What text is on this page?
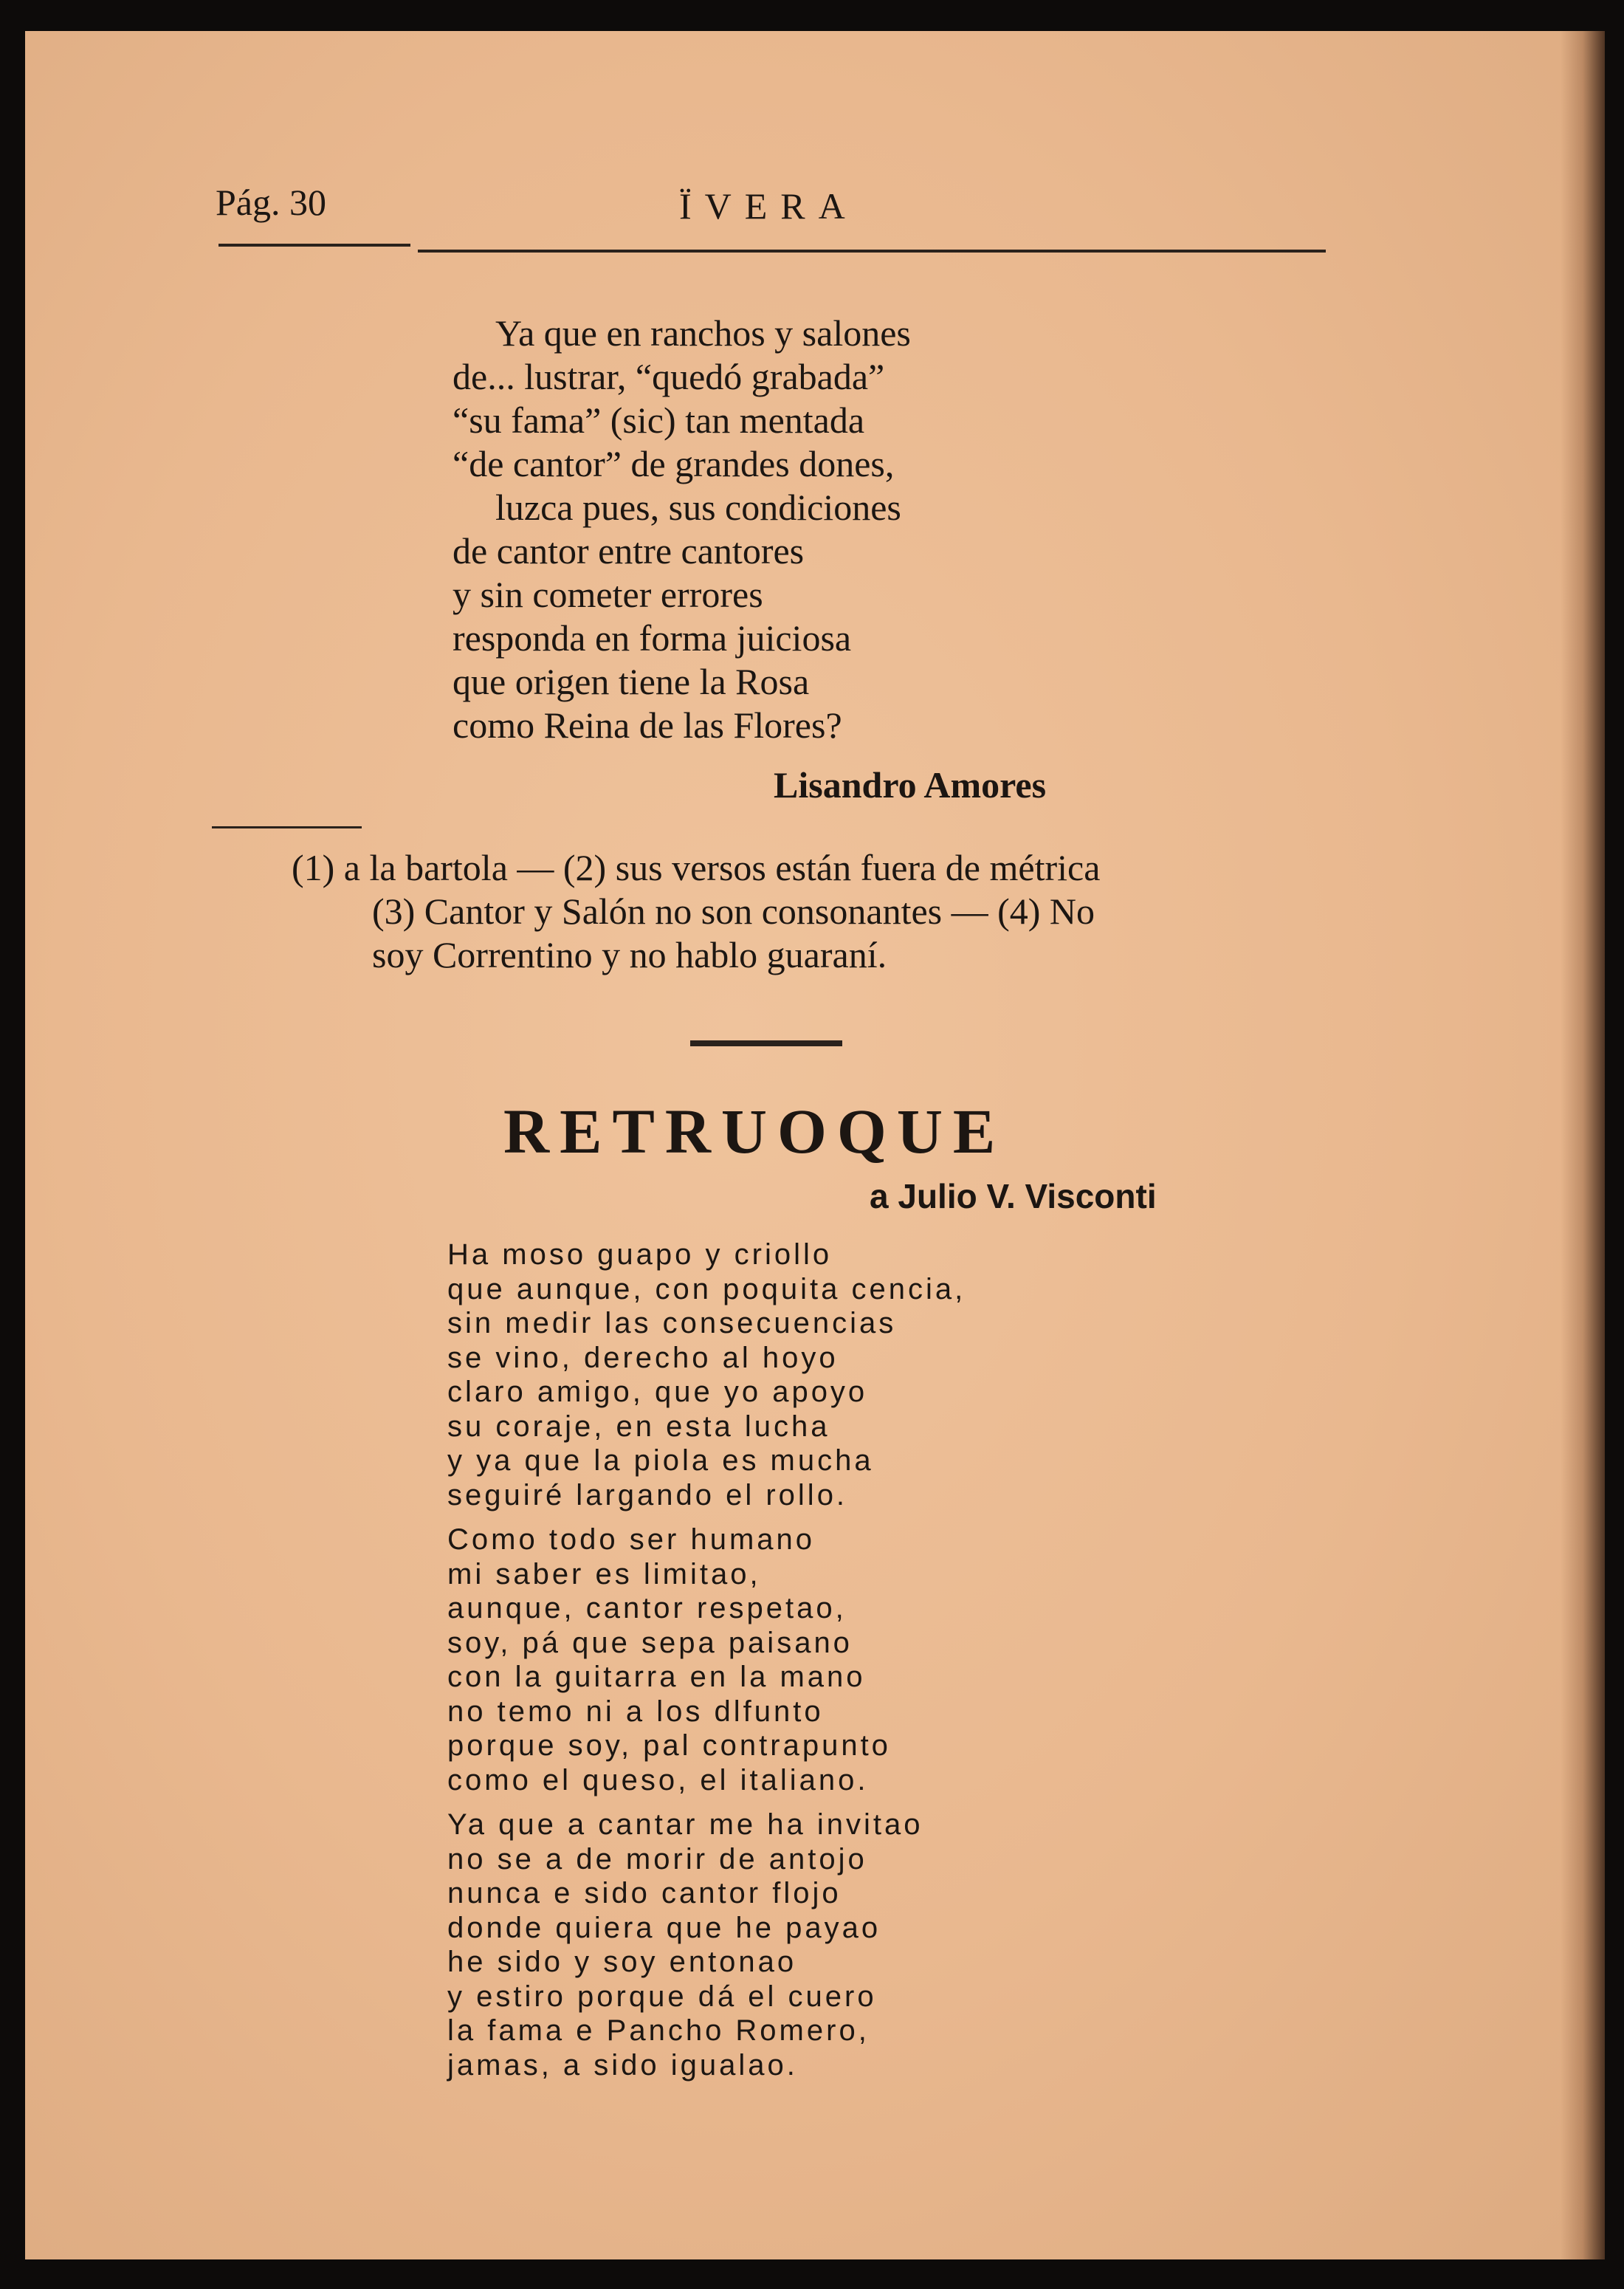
Pág. 30	ÏVERA
Ya que en ranchos y salones
de... lustrar, “quedó grabada”
“su fama” (sic) tan mentada
“de cantor” de grandes dones,
luzca pues, sus condiciones
de cantor entre cantores
y sin cometer errores
responda en forma juiciosa
que origen tiene la Rosa
como Reina de las Flores?
Lisandro Amores
(1) a la bartola — (2) sus versos están fuera de métrica
(3) Cantor y Salón no son consonantes — (4) No
soy Correntino y no hablo guaraní.
RETRUOQUE
a Julio V. Visconti
Ha moso guapo y criollo
que aunque, con poquita cencia,
sin medir las consecuencias
se vino, derecho al hoyo
claro amigo, que yo apoyo
su coraje, en esta lucha
y ya que la piola es mucha
seguiré largando el rollo.
Como todo ser humano
mi saber es limitao,
aunque, cantor respetao,
soy, pá que sepa paisano
con la guitarra en la mano
no temo ni a los dlfunto
porque soy, pal contrapunto
como el queso, el italiano.
Ya que a cantar me ha invitao
no se a de morir de antojo
nunca e sido cantor flojo
donde quiera que he payao
he sido y soy entonao
y estiro porque dá el cuero
la fama e Pancho Romero,
jamas, a sido igualao.
